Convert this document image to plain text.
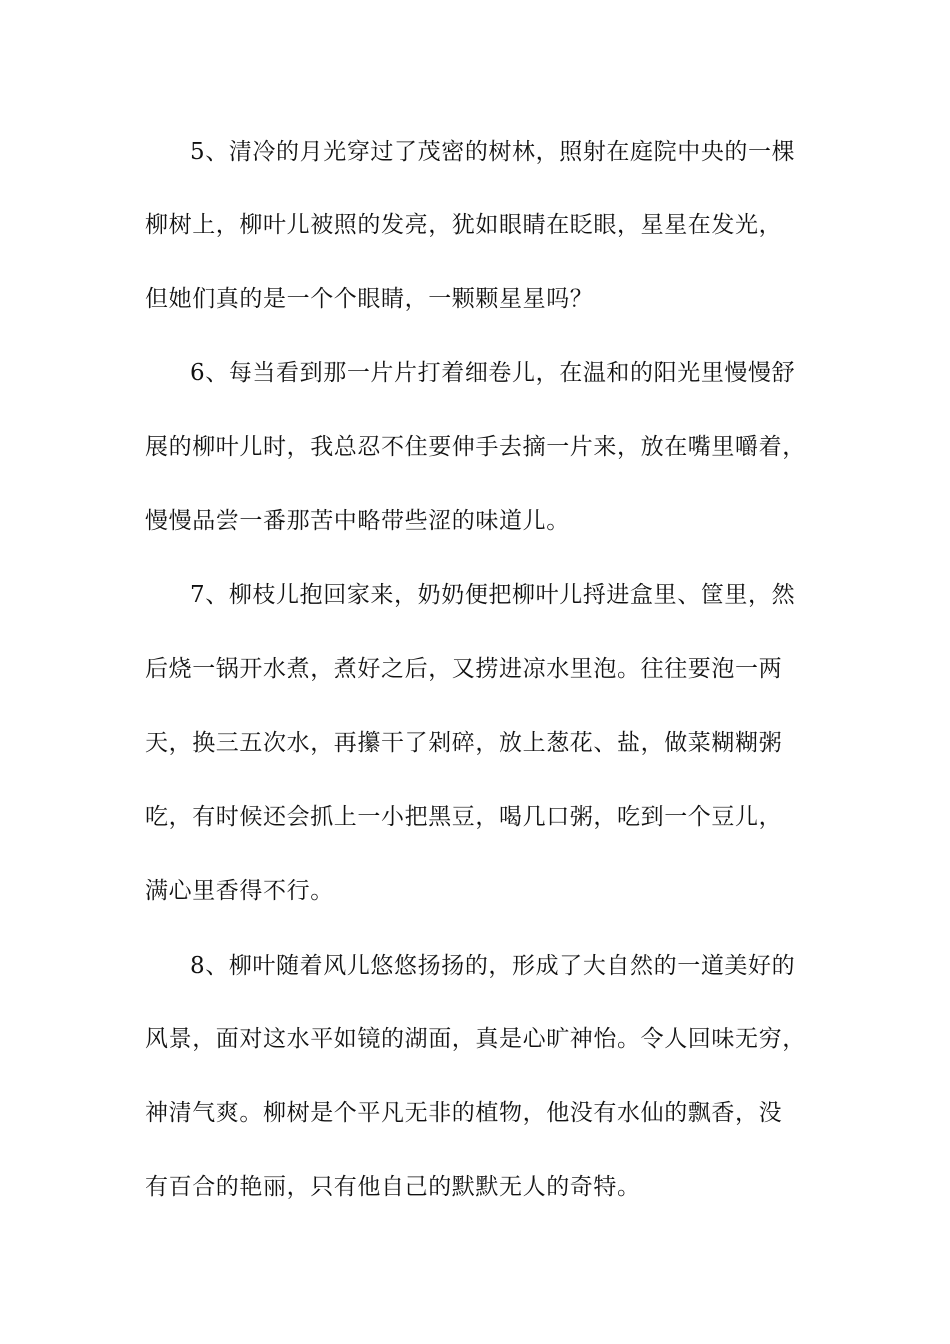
5、清冷的月光穿过了茂密的树林，照射在庭院中央的一棵
柳树上，柳叶儿被照的发亮，犹如眼睛在眨眼，星星在发光，
但她们真的是一个个眼睛，一颗颗星星吗？
6、每当看到那一片片打着细卷儿，在温和的阳光里慢慢舒
展的柳叶儿时，我总忍不住要伸手去摘一片来，放在嘴里嚼着，
慢慢品尝一番那苦中略带些涩的味道儿。
7、柳枝儿抱回家来，奶奶便把柳叶儿捋进盒里、筐里，然
后烧一锅开水煮，煮好之后，又捞进凉水里泡。往往要泡一两
天，换三五次水，再攥干了剁碎，放上葱花、盐，做菜糊糊粥
吃，有时候还会抓上一小把黑豆，喝几口粥，吃到一个豆儿，
满心里香得不行。
8、柳叶随着风儿悠悠扬扬的，形成了大自然的一道美好的
风景，面对这水平如镜的湖面，真是心旷神怡。令人回味无穷，
神清气爽。柳树是个平凡无非的植物，他没有水仙的飘香，没
有百合的艳丽，只有他自己的默默无人的奇特。
